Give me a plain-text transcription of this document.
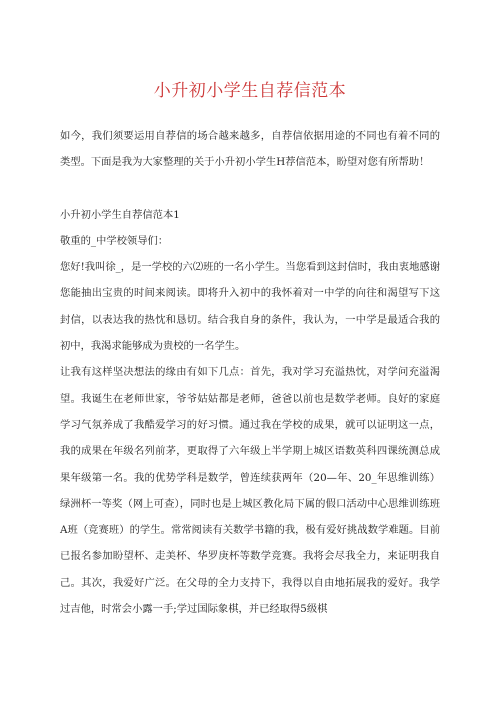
小升初小学生自荐信范本

如今，我们须要运用自荐信的场合越来越多，自荐信依据用途的不同也有着不同的类型。下面是我为大家整理的关于小升初小学生H荐信范本，盼望对您有所帮助！

小升初小学生自荐信范本1

敬重的_中学校领导们：

您好!我叫徐_，是一学校的六⑵班的一名小学生。当您看到这封信时，我由衷地感谢您能抽出宝贵的时间来阅读。即将升入初中的我怀着对一中学的向往和渴望写下这封信，以表达我的热忱和恳切。结合我自身的条件，我认为，一中学是最适合我的初中，我渴求能够成为贵校的一名学生。

让我有这样坚决想法的缘由有如下几点：首先，我对学习充溢热忱，对学问充溢渴望。我诞生在老师世家，爷爷姑姑都是老师，爸爸以前也是数学老师。良好的家庭学习气氛养成了我酷爱学习的好习惯。通过我在学校的成果，就可以证明这一点，我的成果在年级名列前茅，更取得了六年级上半学期上城区语数英科四课统测总成果年级第一名。我的优势学科是数学，曾连续获两年（20—年、20_年思维训练）绿洲杯一等奖（网上可查），同时也是上城区教化局下属的假口活动中心思维训练班A班（竞赛班）的学生。常常阅读有关数学书籍的我，极有爱好挑战数学难题。目前已报名参加盼望杯、走美杯、华罗庚杯等数学竞赛。我将会尽我全力，来证明我自己。其次，我爱好广泛。在父母的全力支持下，我得以自由地拓展我的爱好。我学过吉他，时常会小露一手;学过国际象棋，并已经取得5级棋
